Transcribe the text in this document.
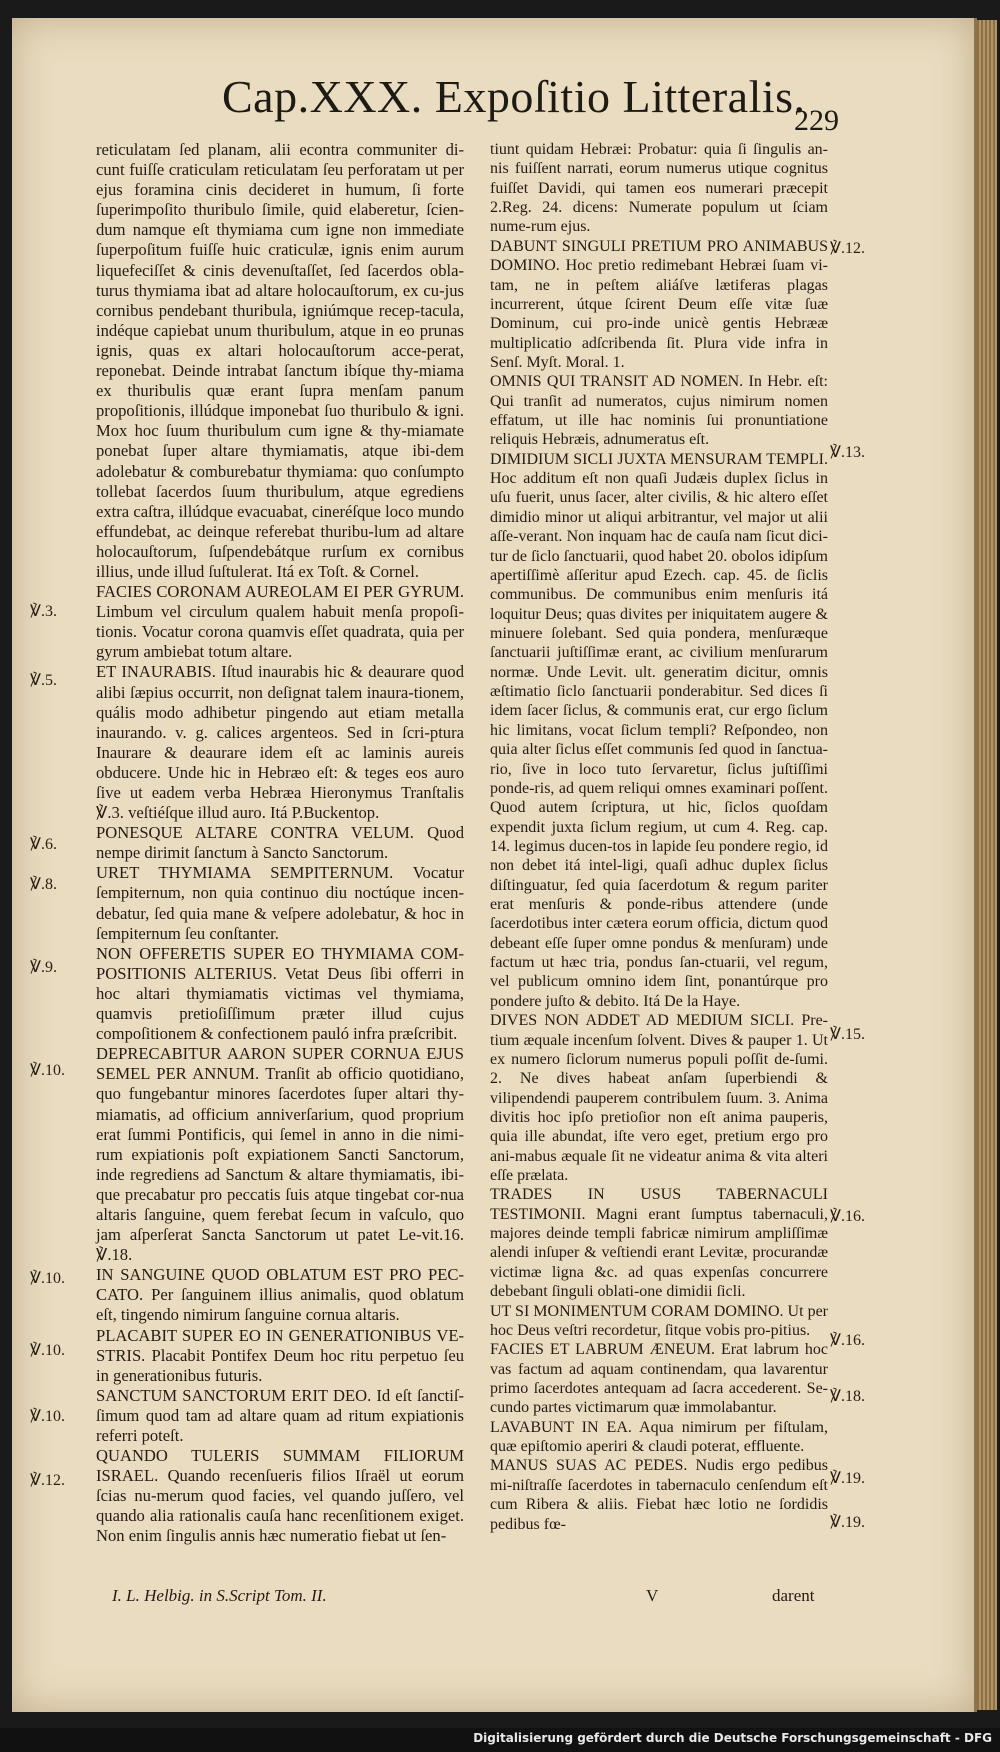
Cap.XXX. Expoſitio Litteralis.
229

reticulatam ſed planam, alii econtra communiter di-cunt fuiſſe craticulam reticulatam ſeu perforatam ut per ejus foramina cinis decideret in humum, ſi forte ſuperimpoſito thuribulo ſimile, quid elaberetur, ſcien-dum namque eſt thymiama cum igne non immediate ſuperpoſitum fuiſſe huic craticulæ, ignis enim aurum liquefeciſſet & cinis devenuſtaſſet, ſed ſacerdos obla-turus thymiama ibat ad altare holocauſtorum, ex cu-jus cornibus pendebant thuribula, igniúmque recep-tacula, indéque capiebat unum thuribulum, atque in eo prunas ignis, quas ex altari holocauſtorum acce-perat, reponebat. Deinde intrabat ſanctum ibíque thy-miama ex thuribulis quæ erant ſupra menſam panum propoſitionis, illúdque imponebat ſuo thuribulo & igni. Mox hoc ſuum thuribulum cum igne & thy-miamate ponebat ſuper altare thymiamatis, atque ibi-dem adolebatur & comburebatur thymiama: quo conſumpto tollebat ſacerdos ſuum thuribulum, atque egrediens extra caſtra, illúdque evacuabat, cineréſque loco mundo effundebat, ac deinque referebat thuribu-lum ad altare holocauſtorum, ſuſpendebátque rurſum ex cornibus illius, unde illud ſuſtulerat. Itá ex Toſt. & Cornel.

FACIES CORONAM AUREOLAM EI PER GYRUM. Limbum vel circulum qualem habuit menſa propoſi-tionis. Vocatur corona quamvis eſſet quadrata, quia per gyrum ambiebat totum altare.

ET INAURABIS. Iſtud inaurabis hic & deaurare quod alibi ſæpius occurrit, non deſignat talem inaura-tionem, quális modo adhibetur pingendo aut etiam metalla inaurando. v. g. calices argenteos. Sed in ſcri-ptura Inaurare & deaurare idem eſt ac laminis aureis obducere. Unde hic in Hebræo eſt: & teges eos auro ſive ut eadem verba Hebræa Hieronymus Tranſtalis ℣.3. veſtiéſque illud auro. Itá P.Buckentop.

PONESQUE ALTARE CONTRA VELUM. Quod nempe dirimit ſanctum à Sancto Sanctorum.

URET THYMIAMA SEMPITERNUM. Vocatur ſempiternum, non quia continuo diu noctúque incen-debatur, ſed quia mane & veſpere adolebatur, & hoc in ſempiternum ſeu conſtanter.

NON OFFERETIS SUPER EO THYMIAMA COM-POSITIONIS ALTERIUS. Vetat Deus ſibi offerri in hoc altari thymiamatis victimas vel thymiama, quamvis pretioſiſſimum præter illud cujus compoſitionem & confectionem pauló infra præſcribit.

DEPRECABITUR AARON SUPER CORNUA EJUS SEMEL PER ANNUM. Tranſit ab officio quotidiano, quo fungebantur minores ſacerdotes ſuper altari thy-miamatis, ad officium anniverſarium, quod proprium erat ſummi Pontificis, qui ſemel in anno in die nimi-rum expiationis poſt expiationem Sancti Sanctorum, inde regrediens ad Sanctum & altare thymiamatis, ibi-que precabatur pro peccatis ſuis atque tingebat cor-nua altaris ſanguine, quem ferebat ſecum in vaſculo, quo jam aſperſerat Sancta Sanctorum ut patet Le-vit.16. ℣.18.

IN SANGUINE QUOD OBLATUM EST PRO PEC-CATO. Per ſanguinem illius animalis, quod oblatum eſt, tingendo nimirum ſanguine cornua altaris.

PLACABIT SUPER EO IN GENERATIONIBUS VE-STRIS. Placabit Pontifex Deum hoc ritu perpetuo ſeu in generationibus futuris.

SANCTUM SANCTORUM ERIT DEO. Id eſt ſanctiſ-ſimum quod tam ad altare quam ad ritum expiationis referri poteſt.

QUANDO TULERIS SUMMAM FILIORUM ISRAEL. Quando recenſueris filios Iſraël ut eorum ſcias nu-merum quod facies, vel quando juſſero, vel quando alia rationalis cauſa hanc recenſitionem exiget. Non enim ſingulis annis hæc numeratio fiebat ut ſen-

tiunt quidam Hebræi: Probatur: quia ſi ſingulis an-nis fuiſſent narrati, eorum numerus utique cognitus fuiſſet Davidi, qui tamen eos numerari præcepit 2.Reg. 24. dicens: Numerate populum ut ſciam nume-rum ejus.

DABUNT SINGULI PRETIUM PRO ANIMABUS DOMINO. Hoc pretio redimebant Hebræi ſuam vi-tam, ne in peſtem aliáſve lætiferas plagas incurrerent, útque ſcirent Deum eſſe vitæ ſuæ Dominum, cui pro-inde unicè gentis Hebrææ multiplicatio adſcribenda ſit. Plura vide infra in Senſ. Myſt. Moral. 1.

OMNIS QUI TRANSIT AD NOMEN. In Hebr. eſt: Qui tranſit ad numeratos, cujus nimirum nomen effatum, ut ille hac nominis ſui pronuntiatione reliquis Hebræis, adnumeratus eſt.

DIMIDIUM SICLI JUXTA MENSURAM TEMPLI. Hoc additum eſt non quaſi Judæis duplex ſiclus in uſu fuerit, unus ſacer, alter civilis, & hic altero eſſet dimidio minor ut aliqui arbitrantur, vel major ut alii aſſe-verant. Non inquam hac de cauſa nam ſicut dici-tur de ſiclo ſanctuarii, quod habet 20. obolos idipſum apertiſſimè aſſeritur apud Ezech. cap. 45. de ſiclis communibus. De communibus enim menſuris itá loquitur Deus; quas divites per iniquitatem augere & minuere ſolebant. Sed quia pondera, menſuræque ſanctuarii juſtiſſimæ erant, ac civilium menſurarum normæ. Unde Levit. ult. generatim dicitur, omnis æſtimatio ſiclo ſanctuarii ponderabitur. Sed dices ſi idem ſacer ſiclus, & communis erat, cur ergo ſiclum hic limitans, vocat ſiclum templi? Reſpondeo, non quia alter ſiclus eſſet communis ſed quod in ſanctua-rio, ſive in loco tuto ſervaretur, ſiclus juſtiſſimi ponde-ris, ad quem reliqui omnes examinari poſſent. Quod autem ſcriptura, ut hic, ſiclos quoſdam expendit juxta ſiclum regium, ut cum 4. Reg. cap. 14. legimus ducen-tos in lapide ſeu pondere regio, id non debet itá intel-ligi, quaſi adhuc duplex ſiclus diſtinguatur, ſed quia ſacerdotum & regum pariter erat menſuris & ponde-ribus attendere (unde ſacerdotibus inter cætera eorum officia, dictum quod debeant eſſe ſuper omne pondus & menſuram) unde factum ut hæc tria, pondus ſan-ctuarii, vel regum, vel publicum omnino idem ſint, ponantúrque pro pondere juſto & debito. Itá De la Haye.

DIVES NON ADDET AD MEDIUM SICLI. Pre-tium æquale incenſum ſolvent. Dives & pauper 1. Ut ex numero ſiclorum numerus populi poſſit de-ſumi. 2. Ne dives habeat anſam ſuperbiendi & vilipendendi pauperem contribulem ſuum. 3. Anima divitis hoc ipſo pretioſior non eſt anima pauperis, quia ille abundat, iſte vero eget, pretium ergo pro ani-mabus æquale ſit ne videatur anima & vita alteri eſſe prælata.

TRADES IN USUS TABERNACULI TESTIMONII. Magni erant ſumptus tabernaculi, majores deinde templi fabricæ nimirum ampliſſimæ alendi inſuper & veſtiendi erant Levitæ, procurandæ victimæ ligna &c. ad quas expenſas concurrere debebant ſinguli oblati-one dimidii ſicli.

UT SI MONIMENTUM CORAM DOMINO. Ut per hoc Deus veſtri recordetur, ſitque vobis pro-pitius.

FACIES ET LABRUM ÆNEUM. Erat labrum hoc vas factum ad aquam continendam, qua lavarentur primo ſacerdotes antequam ad ſacra accederent. Se-cundo partes victimarum quæ immolabantur.

LAVABUNT IN EA. Aqua nimirum per fiſtulam, quæ epiſtomio aperiri & claudi poterat, effluente.

MANUS SUAS AC PEDES. Nudis ergo pedibus mi-niſtraſſe ſacerdotes in tabernaculo cenſendum eſt cum Ribera & aliis. Fiebat hæc lotio ne ſordidis pedibus fœ-

℣.3.
℣.5.
℣.6.
℣.8.
℣.9.
℣.10.
℣.10.
℣.10.
℣.10.
℣.12.
℣.12.
℣.13.
℣.15.
℣.16.
℣.16.
℣.18.
℣.19.
℣.19.
I. L. Helbig. in S.Script Tom. II.	V	darent
Digitalisierung gefördert durch die Deutsche Forschungsgemeinschaft - DFG
